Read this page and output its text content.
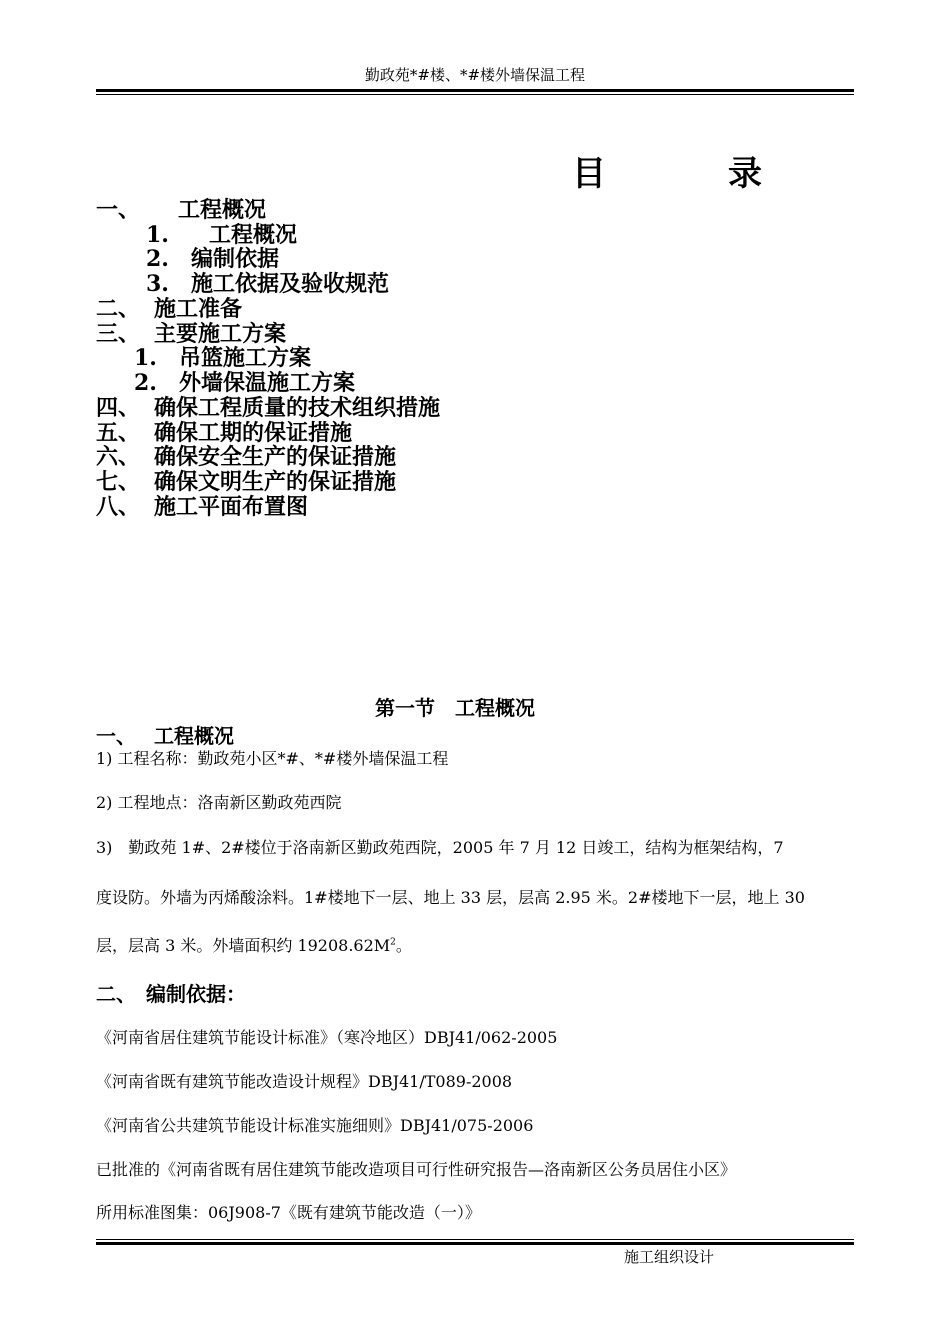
勤政苑*#楼、*#楼外墙保温工程
目	录
一、 工程概况
1. 工程概况
2. 编制依据
3. 施工依据及验收规范
二、 施工准备
三、 主要施工方案
1. 吊篮施工方案
2. 外墙保温施工方案
四、 确保工程质量的技术组织措施
五、 确保工期的保证措施
六、 确保安全生产的保证措施
七、 确保文明生产的保证措施
八、 施工平面布置图
第一节　工程概况
一、 工程概况
1) 工程名称：勤政苑小区*#、*#楼外墙保温工程
2) 工程地点：洛南新区勤政苑西院
3)　勤政苑 1#、2#楼位于洛南新区勤政苑西院，2005 年 7 月 12 日竣工，结构为框架结构，7
度设防。外墙为丙烯酸涂料。1#楼地下一层、地上 33 层，层高 2.95 米。2#楼地下一层，地上 30
层，层高 3 米。外墙面积约 $19208.62M^2$。
二、 编制依据：
《河南省居住建筑节能设计标准》（寒冷地区）DBJ41/062-2005
《河南省既有建筑节能改造设计规程》DBJ41/T089-2008
《河南省公共建筑节能设计标准实施细则》DBJ41/075-2006
已批准的《河南省既有居住建筑节能改造项目可行性研究报告—洛南新区公务员居住小区》
所用标准图集：06J908-7《既有建筑节能改造（一）》
施工组织设计
